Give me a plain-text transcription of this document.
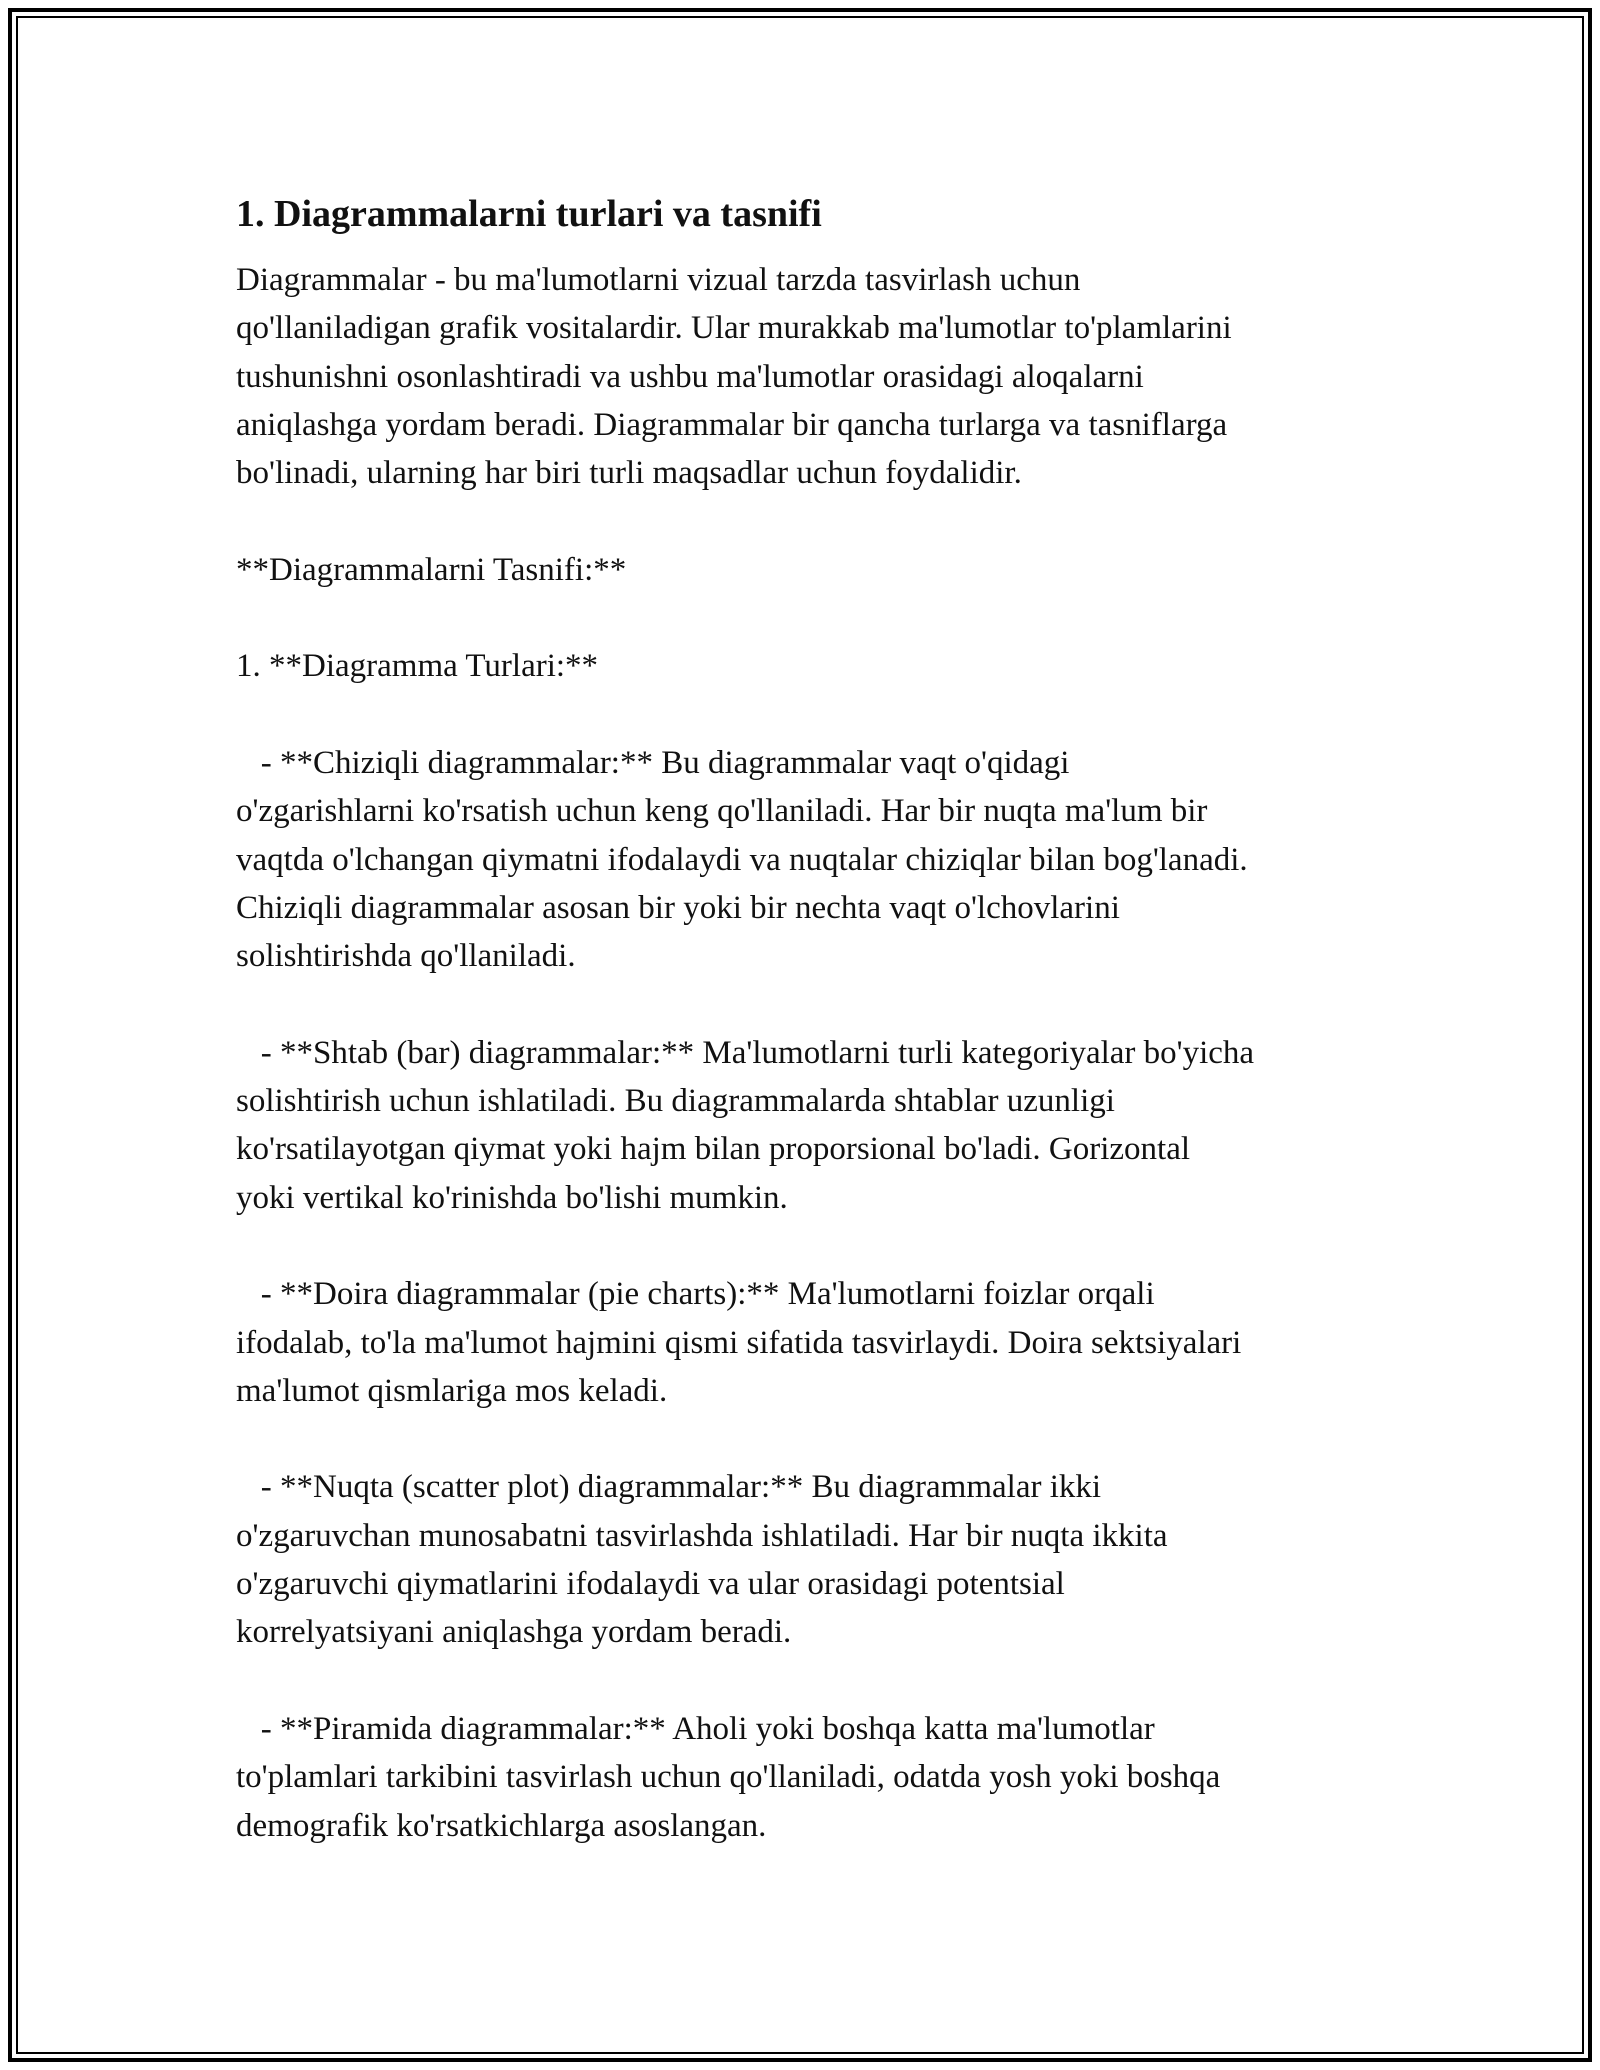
1. Diagrammalarni turlari va tasnifi
Diagrammalar - bu ma'lumotlarni vizual tarzda tasvirlash uchun
qo'llaniladigan grafik vositalardir. Ular murakkab ma'lumotlar to'plamlarini
tushunishni osonlashtiradi va ushbu ma'lumotlar orasidagi aloqalarni
aniqlashga yordam beradi. Diagrammalar bir qancha turlarga va tasniflarga
bo'linadi, ularning har biri turli maqsadlar uchun foydalidir.
**Diagrammalarni Tasnifi:**
1. **Diagramma Turlari:**
- **Chiziqli diagrammalar:** Bu diagrammalar vaqt o'qidagi
o'zgarishlarni ko'rsatish uchun keng qo'llaniladi. Har bir nuqta ma'lum bir
vaqtda o'lchangan qiymatni ifodalaydi va nuqtalar chiziqlar bilan bog'lanadi.
Chiziqli diagrammalar asosan bir yoki bir nechta vaqt o'lchovlarini
solishtirishda qo'llaniladi.
- **Shtab (bar) diagrammalar:** Ma'lumotlarni turli kategoriyalar bo'yicha
solishtirish uchun ishlatiladi. Bu diagrammalarda shtablar uzunligi
ko'rsatilayotgan qiymat yoki hajm bilan proporsional bo'ladi. Gorizontal
yoki vertikal ko'rinishda bo'lishi mumkin.
- **Doira diagrammalar (pie charts):** Ma'lumotlarni foizlar orqali
ifodalab, to'la ma'lumot hajmini qismi sifatida tasvirlaydi. Doira sektsiyalari
ma'lumot qismlariga mos keladi.
- **Nuqta (scatter plot) diagrammalar:** Bu diagrammalar ikki
o'zgaruvchan munosabatni tasvirlashda ishlatiladi. Har bir nuqta ikkita
o'zgaruvchi qiymatlarini ifodalaydi va ular orasidagi potentsial
korrelyatsiyani aniqlashga yordam beradi.
- **Piramida diagrammalar:** Aholi yoki boshqa katta ma'lumotlar
to'plamlari tarkibini tasvirlash uchun qo'llaniladi, odatda yosh yoki boshqa
demografik ko'rsatkichlarga asoslangan.
